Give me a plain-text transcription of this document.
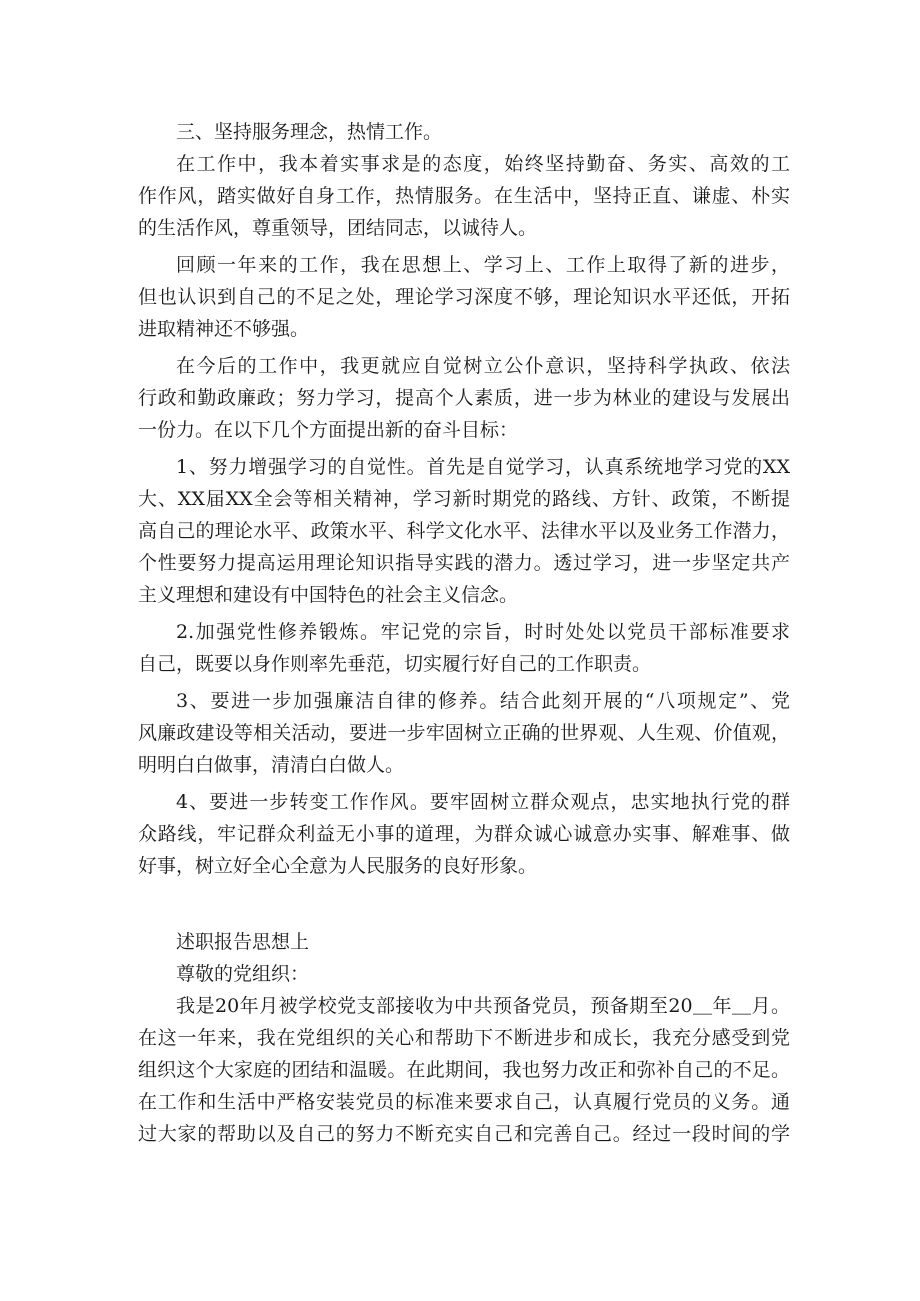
三、坚持服务理念，热情工作。
在工作中，我本着实事求是的态度，始终坚持勤奋、务实、高效的工
作作风，踏实做好自身工作，热情服务。在生活中，坚持正直、谦虚、朴实
的生活作风，尊重领导，团结同志，以诚待人。
回顾一年来的工作，我在思想上、学习上、工作上取得了新的进步，
但也认识到自己的不足之处，理论学习深度不够，理论知识水平还低，开拓
进取精神还不够强。
在今后的工作中，我更就应自觉树立公仆意识，坚持科学执政、依法
行政和勤政廉政；努力学习，提高个人素质，进一步为林业的建设与发展出
一份力。在以下几个方面提出新的奋斗目标：
1、努力增强学习的自觉性。首先是自觉学习，认真系统地学习党的XX
大、XX届XX全会等相关精神，学习新时期党的路线、方针、政策，不断提
高自己的理论水平、政策水平、科学文化水平、法律水平以及业务工作潜力，
个性要努力提高运用理论知识指导实践的潜力。透过学习，进一步坚定共产
主义理想和建设有中国特色的社会主义信念。
2.加强党性修养锻炼。牢记党的宗旨，时时处处以党员干部标准要求
自己，既要以身作则率先垂范，切实履行好自己的工作职责。
3、要进一步加强廉洁自律的修养。结合此刻开展的“八项规定”、党
风廉政建设等相关活动，要进一步牢固树立正确的世界观、人生观、价值观，
明明白白做事，清清白白做人。
4、要进一步转变工作作风。要牢固树立群众观点，忠实地执行党的群
众路线，牢记群众利益无小事的道理，为群众诚心诚意办实事、解难事、做
好事，树立好全心全意为人民服务的良好形象。
述职报告思想上
尊敬的党组织：
我是20年月被学校党支部接收为中共预备党员，预备期至20＿年＿月。
在这一年来，我在党组织的关心和帮助下不断进步和成长，我充分感受到党
组织这个大家庭的团结和温暖。在此期间，我也努力改正和弥补自己的不足。
在工作和生活中严格安装党员的标准来要求自己，认真履行党员的义务。通
过大家的帮助以及自己的努力不断充实自己和完善自己。经过一段时间的学
